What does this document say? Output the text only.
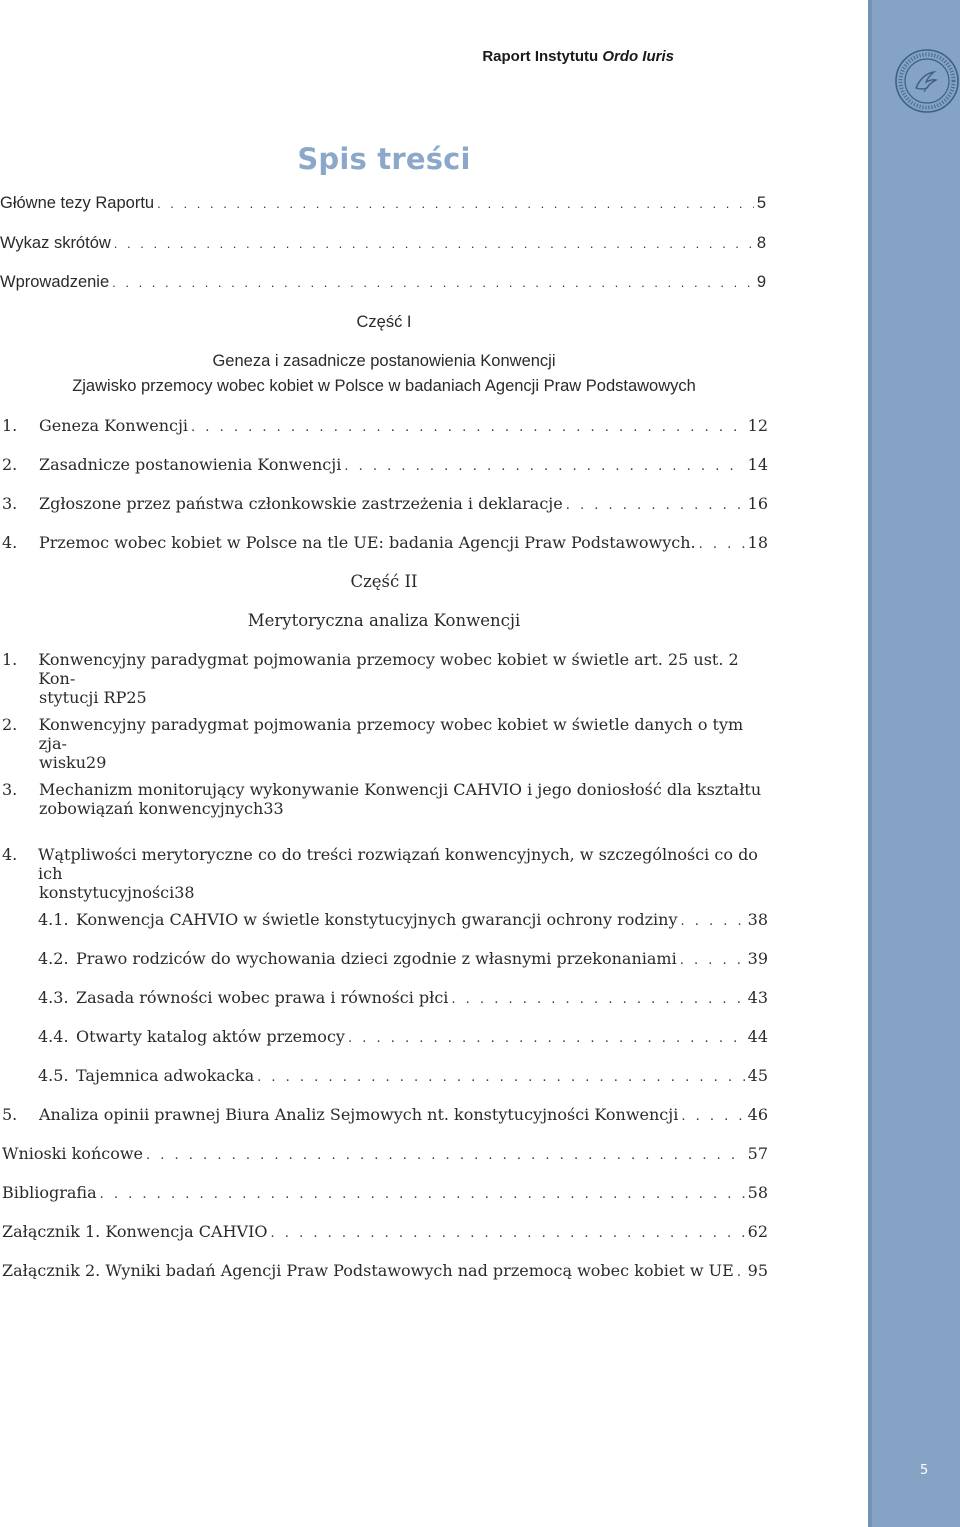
Raport Instytutu Ordo Iuris
Spis treści
Główne tezy Raportu . . .	5
Wykaz skrótów . . .	8
Wprowadzenie . . .	9
Część I
Geneza i zasadnicze postanowienia Konwencji
Zjawisko przemocy wobec kobiet w Polsce w badaniach Agencji Praw Podstawowych
1.	Geneza Konwencji . . .	12
2.	Zasadnicze postanowienia Konwencji . . .	14
3.	Zgłoszone przez państwa członkowskie zastrzeżenia i deklaracje . . .	16
4.	Przemoc wobec kobiet w Polsce na tle UE: badania Agencji Praw Podstawowych. . . .	18
Część II
Merytoryczna analiza Konwencji
1.	Konwencyjny paradygmat pojmowania przemocy wobec kobiet w świetle art. 25 ust. 2 Kon-
stytucji RP 25
2.	Konwencyjny paradygmat pojmowania przemocy wobec kobiet w świetle danych o tym zja-
wisku 29
3.	Mechanizm monitorujący wykonywanie Konwencji CAHVIO i jego doniosłość dla kształtu
zobowiązań konwencyjnych 33
4.	Wątpliwości merytoryczne co do treści rozwiązań konwencyjnych, w szczególności co do ich
konstytucyjności 38
4.1. Konwencja CAHVIO w świetle konstytucyjnych gwarancji ochrony rodziny . . .	38
4.2. Prawo rodziców do wychowania dzieci zgodnie z własnymi przekonaniami . . .	39
4.3. Zasada równości wobec prawa i równości płci . . .	43
4.4. Otwarty katalog aktów przemocy . . .	44
4.5. Tajemnica adwokacka . . .	45
5.	Analiza opinii prawnej Biura Analiz Sejmowych nt. konstytucyjności Konwencji . . .	46
Wnioski końcowe . . .	57
Bibliografia . . .	58
Załącznik 1. Konwencja CAHVIO . . .	62
Załącznik 2. Wyniki badań Agencji Praw Podstawowych nad przemocą wobec kobiet w UE . . . 95
5
